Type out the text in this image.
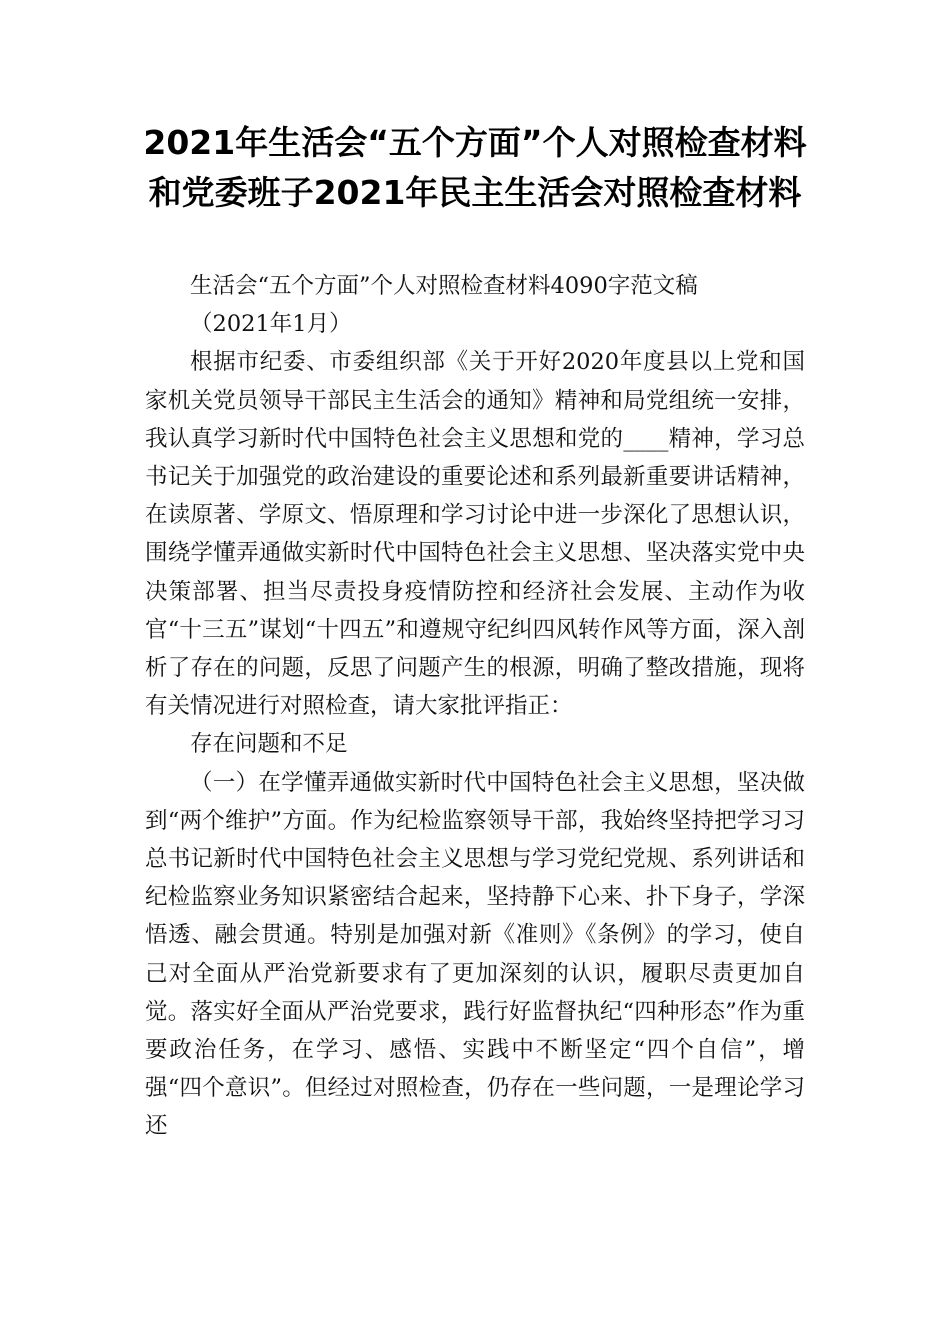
2021年生活会“五个方面”个人对照检查材料和党委班子2021年民主生活会对照检查材料

生活会“五个方面”个人对照检查材料4090字范文稿

（2021年1月）

根据市纪委、市委组织部《关于开好2020年度县以上党和国家机关党员领导干部民主生活会的通知》精神和局党组统一安排，我认真学习新时代中国特色社会主义思想和党的____精神，学习总书记关于加强党的政治建设的重要论述和系列最新重要讲话精神，在读原著、学原文、悟原理和学习讨论中进一步深化了思想认识，围绕学懂弄通做实新时代中国特色社会主义思想、坚决落实党中央决策部署、担当尽责投身疫情防控和经济社会发展、主动作为收官“十三五”谋划“十四五”和遵规守纪纠四风转作风等方面，深入剖析了存在的问题，反思了问题产生的根源，明确了整改措施，现将有关情况进行对照检查，请大家批评指正：

存在问题和不足

（一）在学懂弄通做实新时代中国特色社会主义思想，坚决做到“两个维护”方面。作为纪检监察领导干部，我始终坚持把学习习总书记新时代中国特色社会主义思想与学习党纪党规、系列讲话和纪检监察业务知识紧密结合起来，坚持静下心来、扑下身子，学深悟透、融会贯通。特别是加强对新《准则》《条例》的学习，使自己对全面从严治党新要求有了更加深刻的认识，履职尽责更加自觉。落实好全面从严治党要求，践行好监督执纪“四种形态”作为重要政治任务，在学习、感悟、实践中不断坚定“四个自信”，增强“四个意识”。但经过对照检查，仍存在一些问题，一是理论学习还
